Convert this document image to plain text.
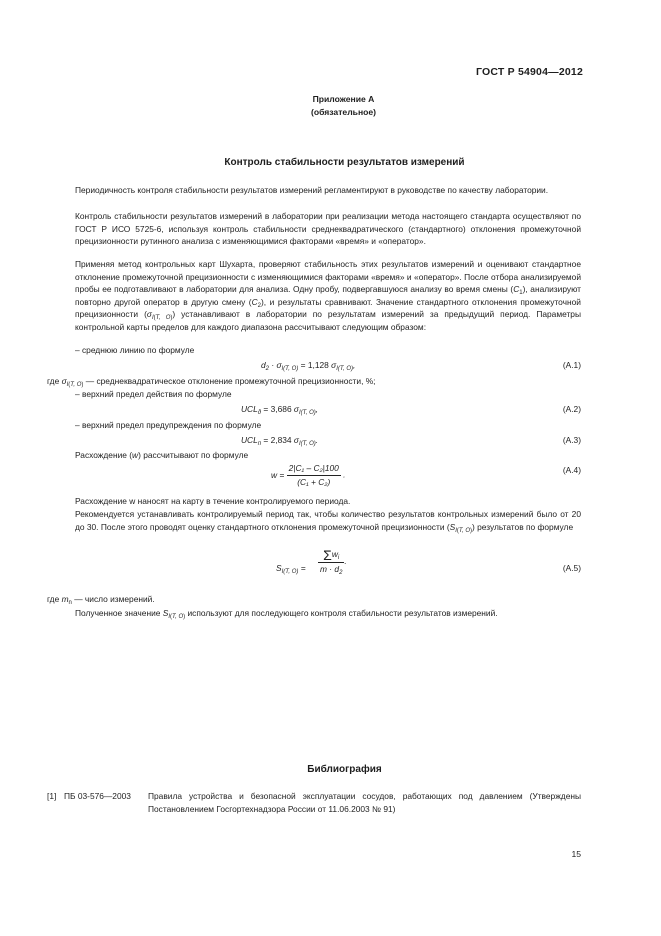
ГОСТ Р 54904—2012
Приложение А
(обязательное)
Контроль стабильности результатов измерений

Периодичность контроля стабильности результатов измерений регламентируют в руководстве по качеству лаборатории.

Контроль стабильности результатов измерений в лаборатории при реализации метода настоящего стандарта осуществляют по ГОСТ Р ИСО 5725-6, используя контроль стабильности среднеквадратического (стандартного) отклонения промежуточной прецизионности рутинного анализа с изменяющимися факторами «время» и «оператор».

Применяя метод контрольных карт Шухарта, проверяют стабильность этих результатов измерений и оценивают стандартное отклонение промежуточной прецизионности с изменяющимися факторами «время» и «оператор». После отбора анализируемой пробы ее подготавливают в лаборатории для анализа. Одну пробу, подвергавшуюся анализу во время смены $(C_1)$, анализируют повторно другой оператор в другую смену $(C_2)$, и результаты сравнивают. Значение стандартного отклонения промежуточной прецизионности $(\sigma_{I(T, O)})$ устанавливают в лаборатории по результатам измерений за предыдущий период. Параметры контрольной карты пределов для каждого диапазона рассчитывают следующим образом:

– среднюю линию по формуле
$d_2 \cdot \sigma_{I(T, O)} = 1,128$ $\sigma_{I(T, O)}$,	(А.1)
где $\sigma_{I(T, O)}$ — среднеквадратическое отклонение промежуточной прецизионности, %;
– верхний предел действия по формуле
$UCL_д = 3,686$ $\sigma_{I(T, O)}$,	(А.2)
– верхний предел предупреждения по формуле
$UCL_п = 2,834$ $\sigma_{I(T, O)}$.	(А.3)
Расхождение (w) рассчитывают по формуле
$w = \frac{\text{2|C₁ – C₂|100}}{\text{(C₁ + C₂)}}$ .	(А.4)

Расхождение w наносят на карту в течение контролируемого периода.

Рекомендуется устанавливать контролируемый период так, чтобы количество результатов контрольных измерений было от 20 до 30. После этого проводят оценку стандартного отклонения промежуточной прецизионности $(S_{I(T, O)})$ результатов по формуле

$S_{I(T, O)} = \frac{\Sigma w_i}{m \cdot d_2}$ .
(А.5)
где $m_n$ — число измерений.
Полученное значение $S_{I(T, O)}$ используют для последующего контроля стабильности результатов измерений.
Библиография
[1] ПБ 03-576—2003 Правила устройства и безопасной эксплуатации сосудов, работающих под давлением (Утверждены Постановлением Госгортехнадзора России от 11.06.2003 № 91)
15
